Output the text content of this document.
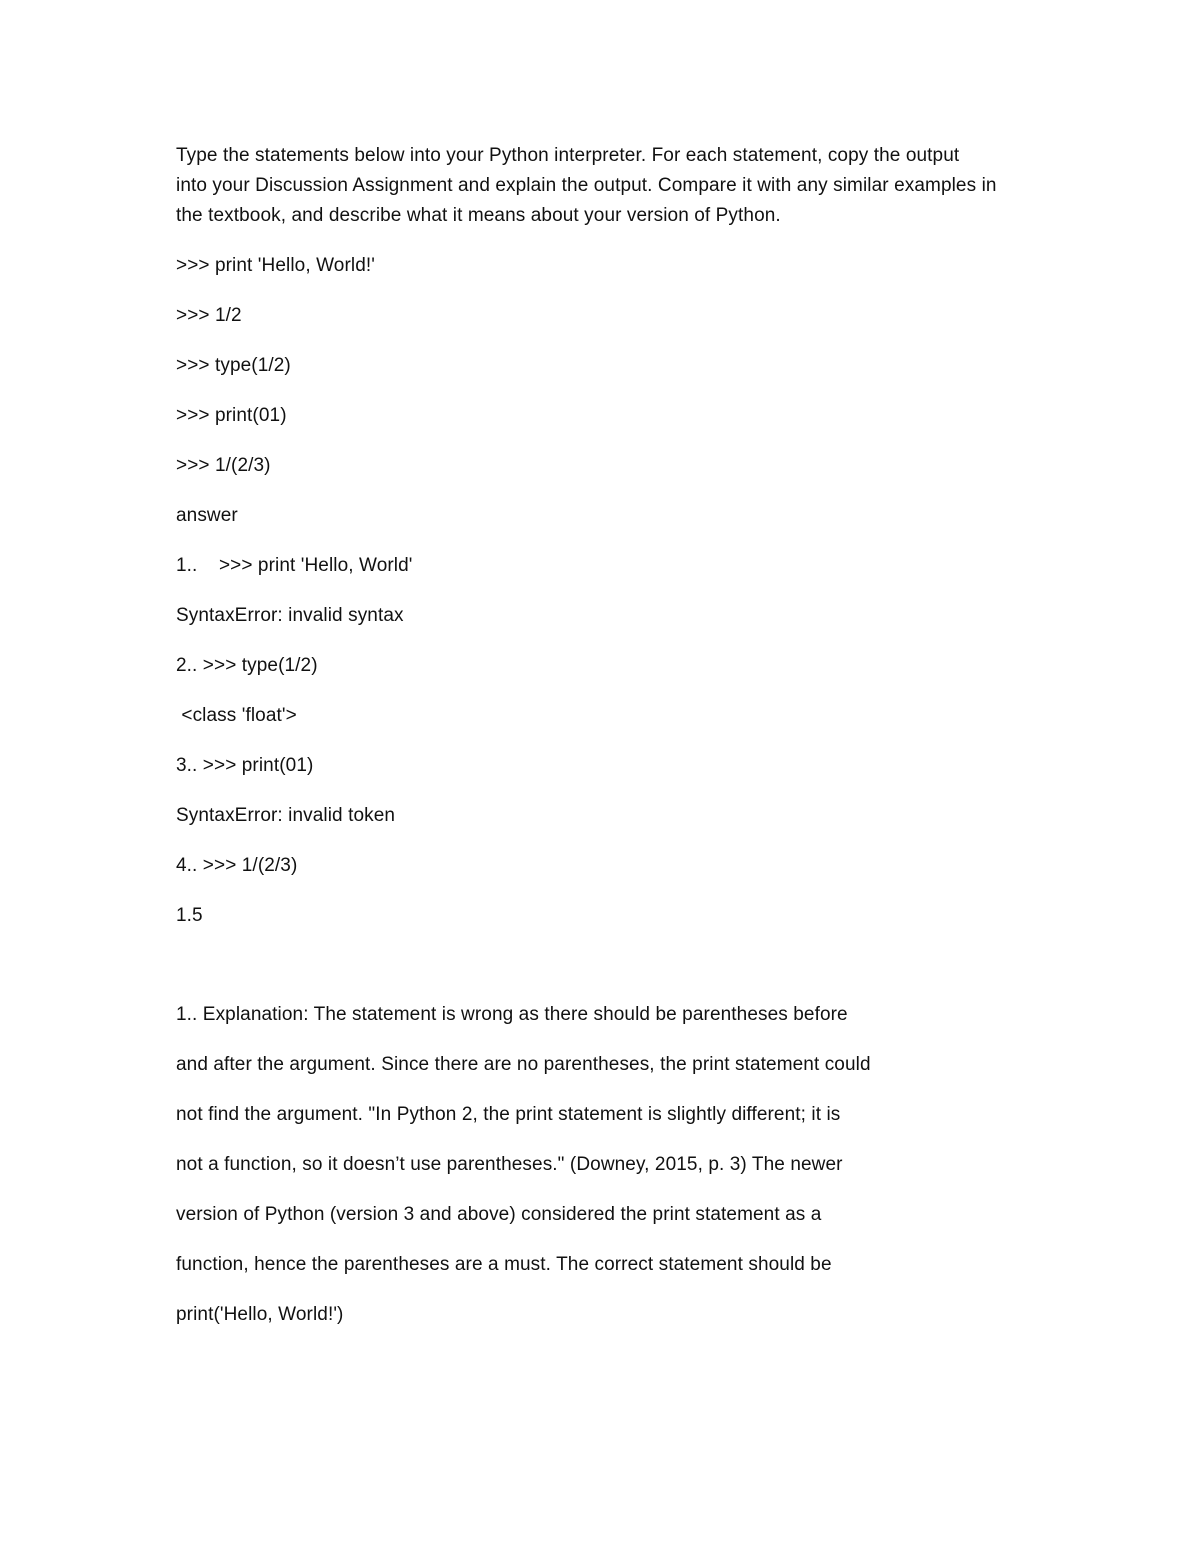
Type the statements below into your Python interpreter. For each statement, copy the output
into your Discussion Assignment and explain the output. Compare it with any similar examples in
the textbook, and describe what it means about your version of Python.
>>> print 'Hello, World!'
>>> 1/2
>>> type(1/2)
>>> print(01)
>>> 1/(2/3)
answer
1..    >>> print 'Hello, World'
SyntaxError: invalid syntax
2.. >>> type(1/2)
<class 'float'>
3.. >>> print(01)
SyntaxError: invalid token
4.. >>> 1/(2/3)
1.5
1.. Explanation: The statement is wrong as there should be parentheses before
and after the argument. Since there are no parentheses, the print statement could
not find the argument. "In Python 2, the print statement is slightly different; it is
not a function, so it doesn’t use parentheses." (Downey, 2015, p. 3) The newer
version of Python (version 3 and above) considered the print statement as a
function, hence the parentheses are a must. The correct statement should be
print('Hello, World!')
